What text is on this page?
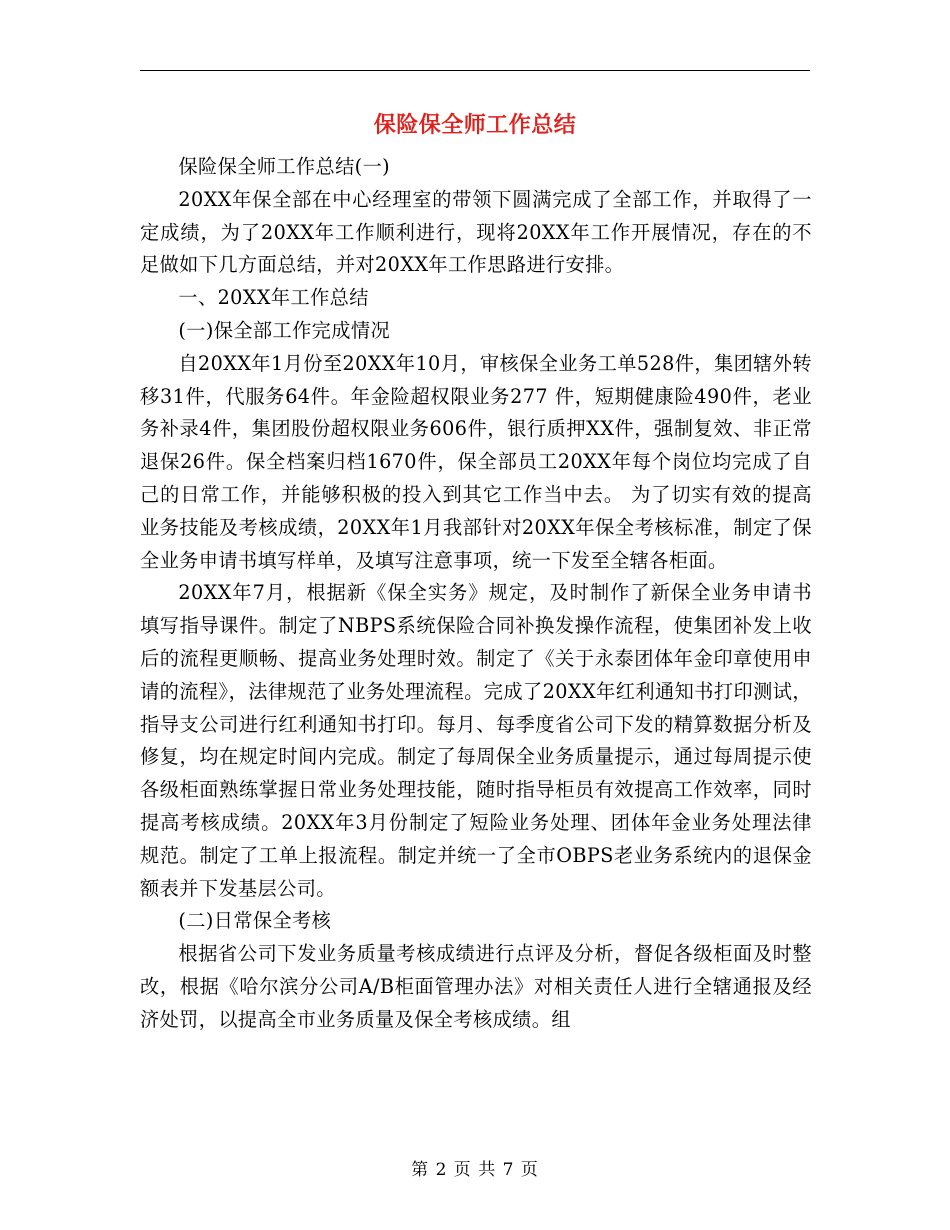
保险保全师工作总结

保险保全师工作总结(一)

20XX年保全部在中心经理室的带领下圆满完成了全部工作，并取得了一定成绩，为了20XX年工作顺利进行，现将20XX年工作开展情况，存在的不足做如下几方面总结，并对20XX年工作思路进行安排。

一、20XX年工作总结

(一)保全部工作完成情况

自20XX年1月份至20XX年10月，审核保全业务工单528件，集团辖外转移31件，代服务64件。年金险超权限业务277 件，短期健康险490件，老业务补录4件，集团股份超权限业务606件，银行质押XX件，强制复效、非正常退保26件。保全档案归档1670件，保全部员工20XX年每个岗位均完成了自己的日常工作，并能够积极的投入到其它工作当中去。 为了切实有效的提高业务技能及考核成绩，20XX年1月我部针对20XX年保全考核标准，制定了保全业务申请书填写样单，及填写注意事项，统一下发至全辖各柜面。

20XX年7月，根据新《保全实务》规定，及时制作了新保全业务申请书填写指导课件。制定了NBPS系统保险合同补换发操作流程，使集团补发上收后的流程更顺畅、提高业务处理时效。制定了《关于永泰团体年金印章使用申请的流程》，法律规范了业务处理流程。完成了20XX年红利通知书打印测试，指导支公司进行红利通知书打印。每月、每季度省公司下发的精算数据分析及修复，均在规定时间内完成。制定了每周保全业务质量提示，通过每周提示使各级柜面熟练掌握日常业务处理技能，随时指导柜员有效提高工作效率，同时提高考核成绩。20XX年3月份制定了短险业务处理、团体年金业务处理法律规范。制定了工单上报流程。制定并统一了全市OBPS老业务系统内的退保金额表并下发基层公司。

(二)日常保全考核

根据省公司下发业务质量考核成绩进行点评及分析，督促各级柜面及时整改，根据《哈尔滨分公司A/B柜面管理办法》对相关责任人进行全辖通报及经济处罚，以提高全市业务质量及保全考核成绩。组

第 2 页 共 7 页
